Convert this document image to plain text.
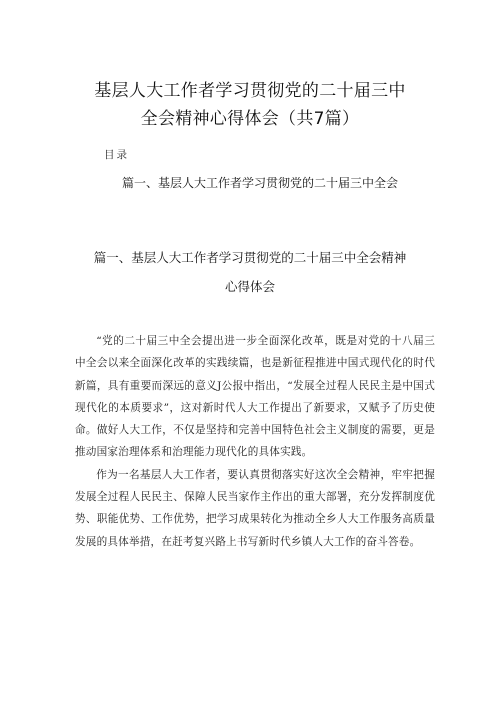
基层人大工作者学习贯彻党的二十届三中
全会精神心得体会（共7篇）
目录
篇一、基层人大工作者学习贯彻党的二十届三中全会
篇一、基层人大工作者学习贯彻党的二十届三中全会精神
心得体会

“党的二十届三中全会提出进一步全面深化改革，既是对党的十八届三中全会以来全面深化改革的实践续篇，也是新征程推进中国式现代化的时代新篇，具有重要而深远的意义J公报中指出，“发展全过程人民民主是中国式现代化的本质要求”，这对新时代人大工作提出了新要求，又赋予了历史使命。做好人大工作，不仅是坚持和完善中国特色社会主义制度的需要，更是推动国家治理体系和治理能力现代化的具体实践。

作为一名基层人大工作者，要认真贯彻落实好这次全会精神，牢牢把握发展全过程人民民主、保障人民当家作主作出的重大部署，充分发挥制度优势、职能优势、工作优势，把学习成果转化为推动全乡人大工作服务高质量发展的具体举措，在赶考复兴路上书写新时代乡镇人大工作的奋斗答卷。
